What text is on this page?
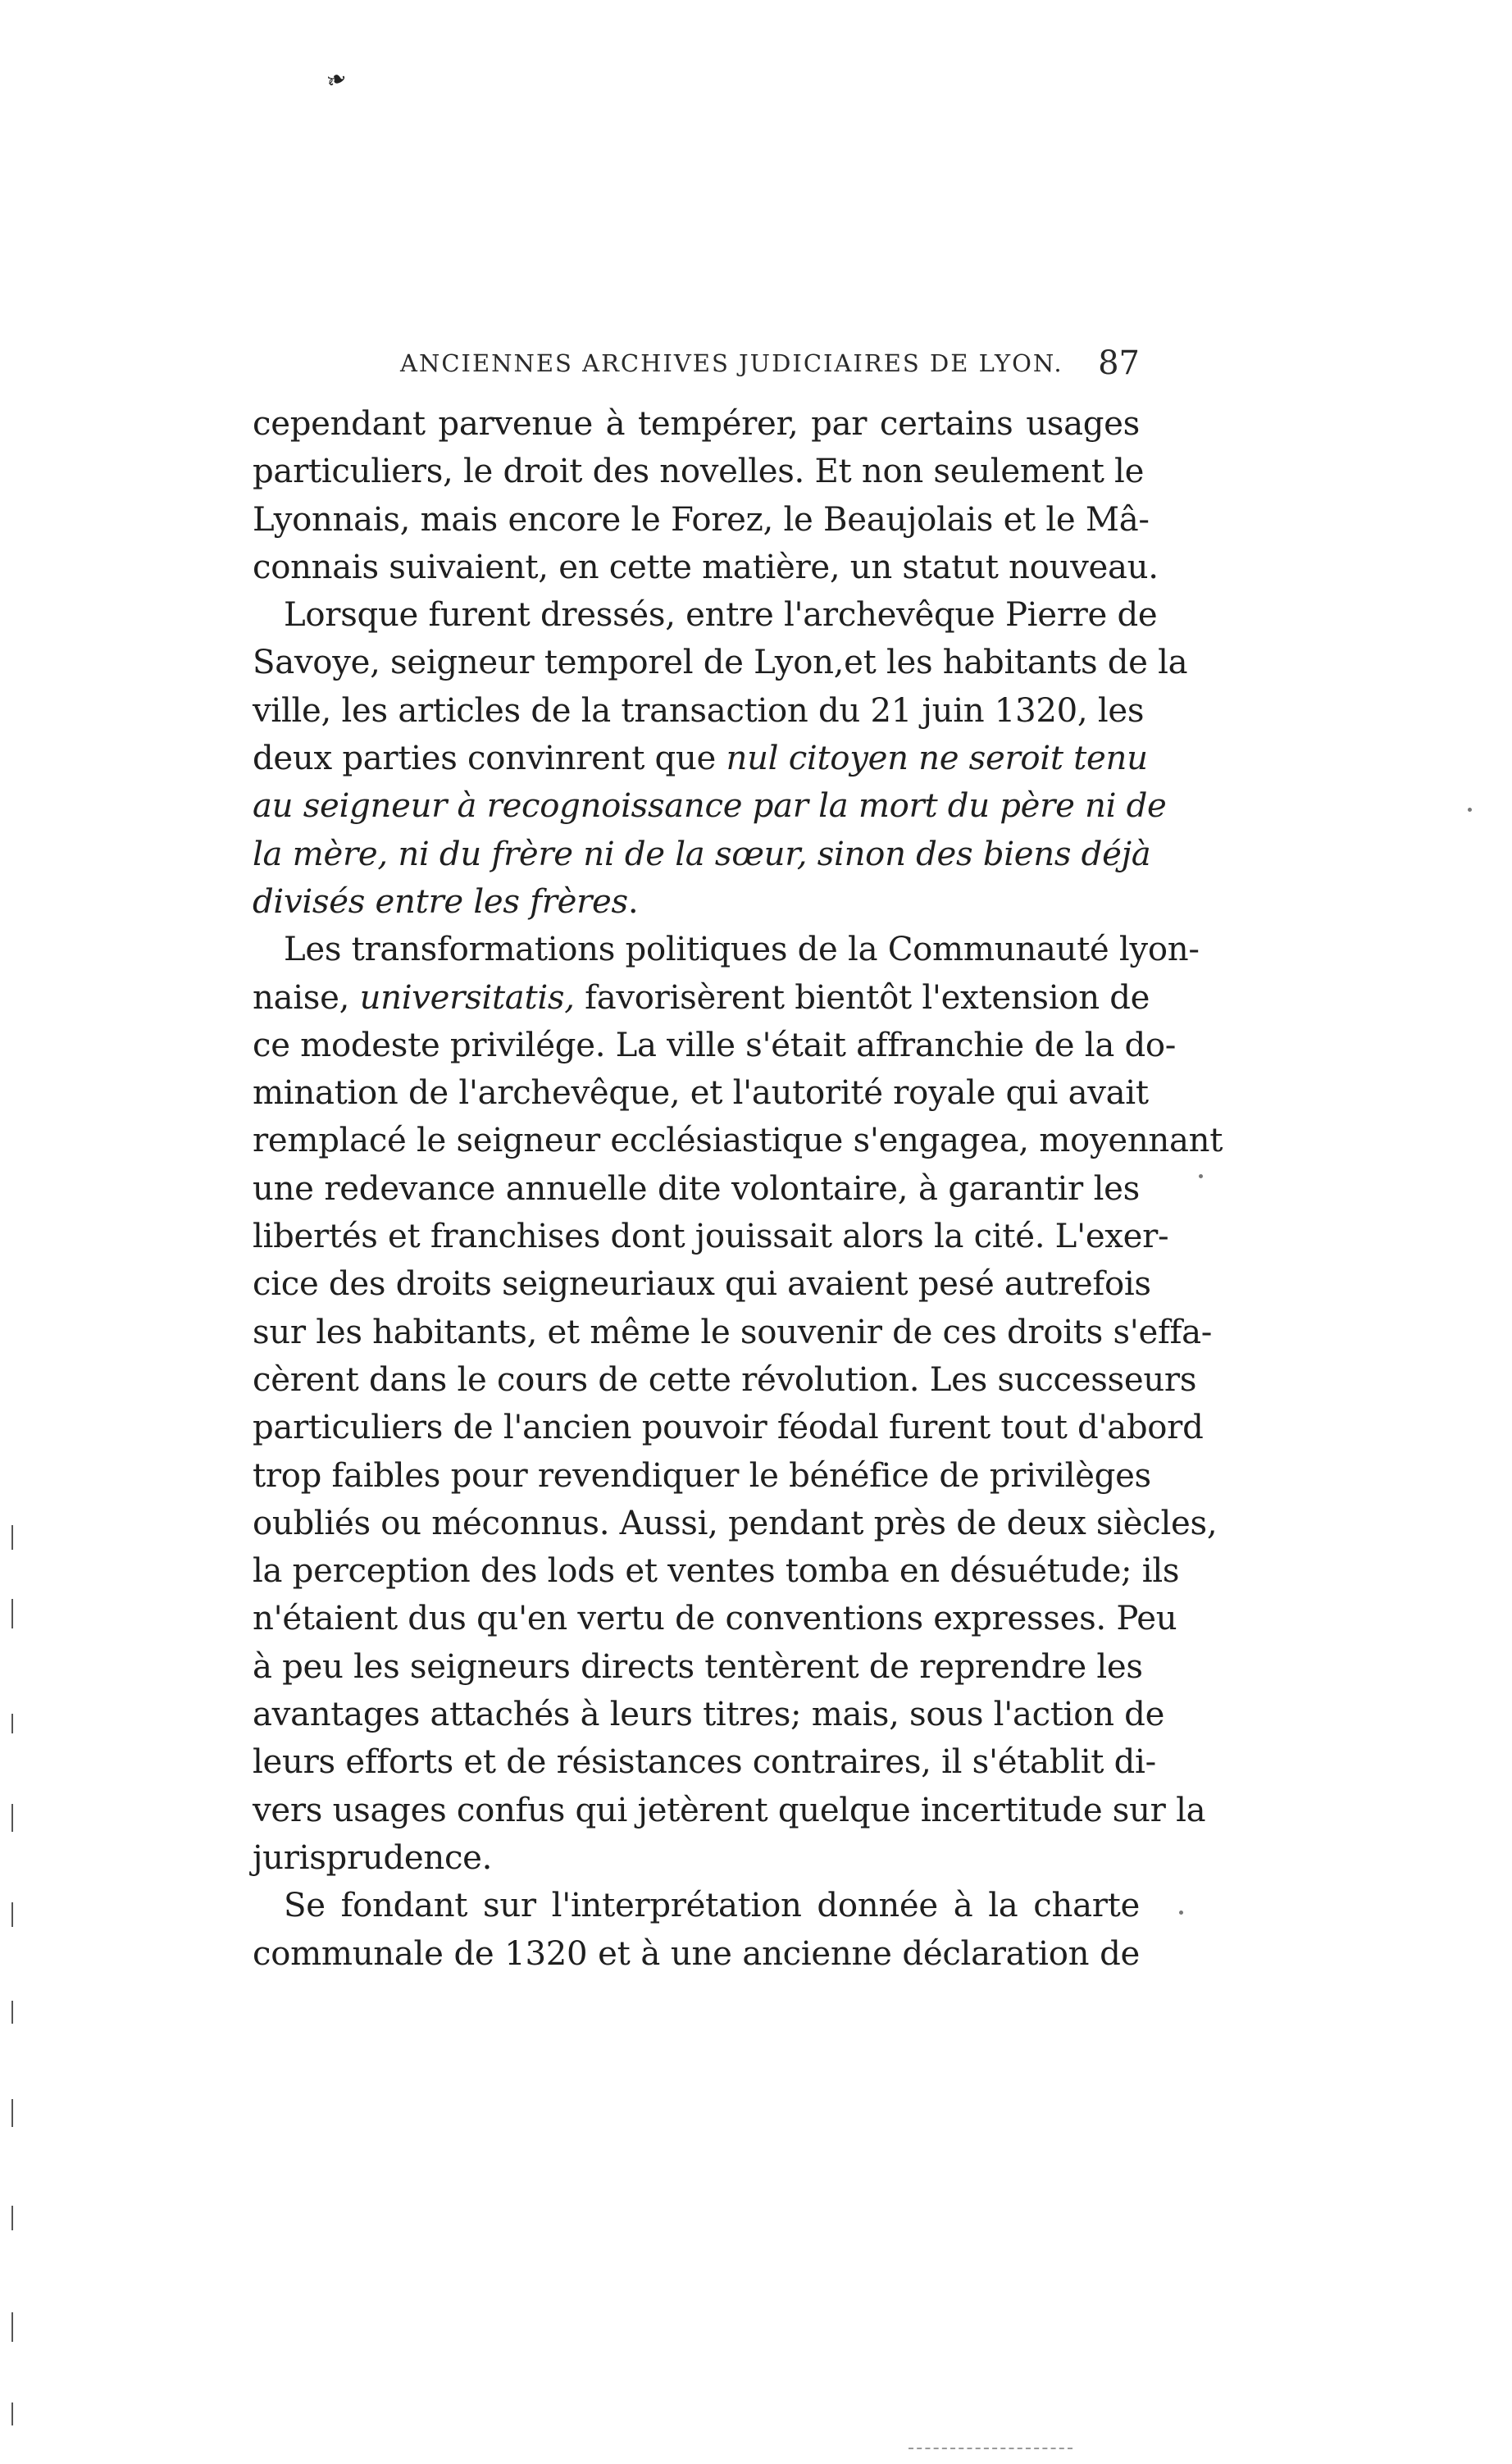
❧
ANCIENNES ARCHIVES JUDICIAIRES DE LYON. 87
cependant parvenue à tempérer, par certains usages
particuliers, le droit des novelles. Et non seulement le
Lyonnais, mais encore le Forez, le Beaujolais et le Mâ-
connais suivaient, en cette matière, un statut nouveau.
Lorsque furent dressés, entre l'archevêque Pierre de
Savoye, seigneur temporel de Lyon,et les habitants de la
ville, les articles de la transaction du 21 juin 1320, les
deux parties convinrent que nul citoyen ne seroit tenu
au seigneur à recognoissance par la mort du père ni de
la mère, ni du frère ni de la sœur, sinon des biens déjà
divisés entre les frères.
Les transformations politiques de la Communauté lyon-
naise, universitatis, favorisèrent bientôt l'extension de
ce modeste privilége. La ville s'était affranchie de la do-
mination de l'archevêque, et l'autorité royale qui avait
remplacé le seigneur ecclésiastique s'engagea, moyennant
une redevance annuelle dite volontaire, à garantir les
libertés et franchises dont jouissait alors la cité. L'exer-
cice des droits seigneuriaux qui avaient pesé autrefois
sur les habitants, et même le souvenir de ces droits s'effa-
cèrent dans le cours de cette révolution. Les successeurs
particuliers de l'ancien pouvoir féodal furent tout d'abord
trop faibles pour revendiquer le bénéfice de privilèges
oubliés ou méconnus. Aussi, pendant près de deux siècles,
la perception des lods et ventes tomba en désuétude; ils
n'étaient dus qu'en vertu de conventions expresses. Peu
à peu les seigneurs directs tentèrent de reprendre les
avantages attachés à leurs titres; mais, sous l'action de
leurs efforts et de résistances contraires, il s'établit di-
vers usages confus qui jetèrent quelque incertitude sur la
jurisprudence.
Se fondant sur l'interprétation donnée à la charte
communale de 1320 et à une ancienne déclaration de
